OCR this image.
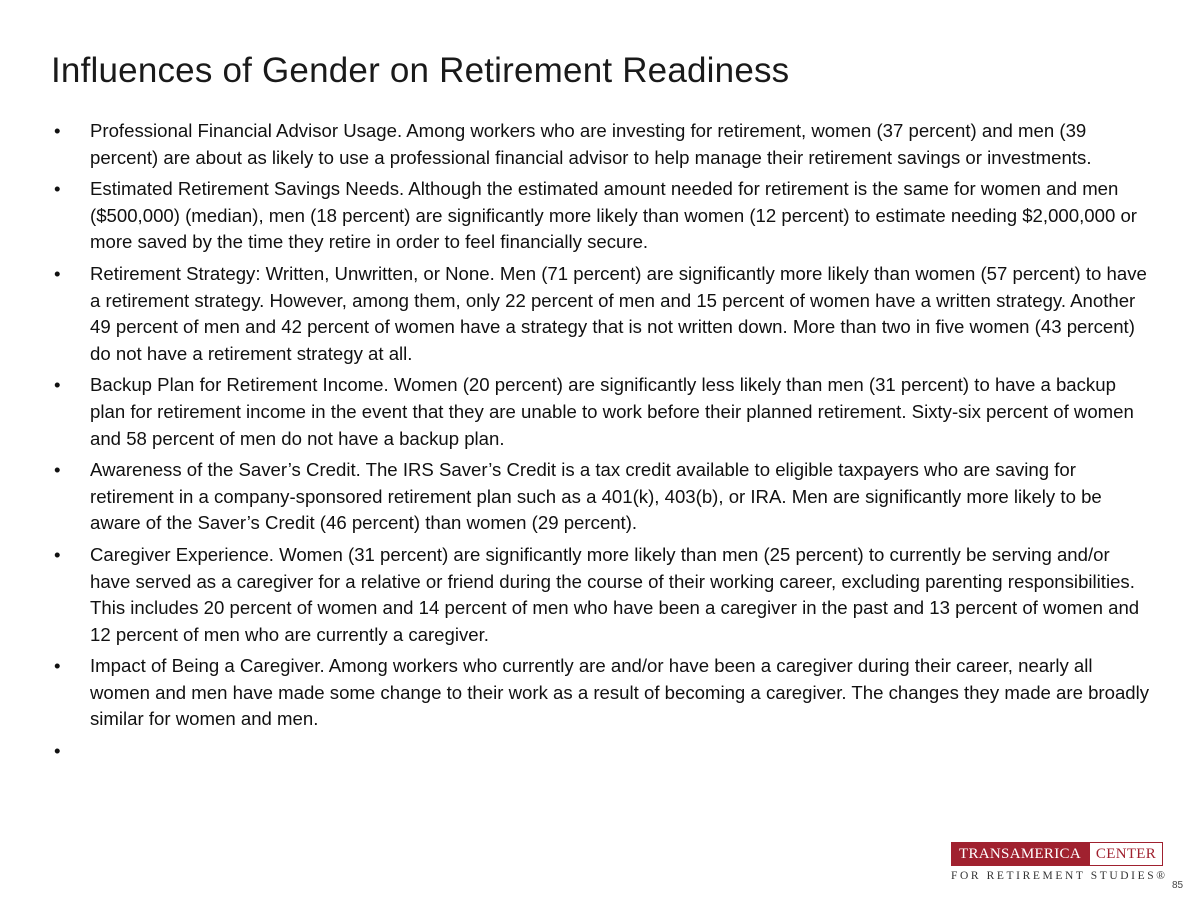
Influences of Gender on Retirement Readiness
• Professional Financial Advisor Usage. Among workers who are investing for retirement, women (37 percent) and men (39 percent) are about as likely to use a professional financial advisor to help manage their retirement savings or investments.
• Estimated Retirement Savings Needs. Although the estimated amount needed for retirement is the same for women and men ($500,000) (median), men (18 percent) are significantly more likely than women (12 percent) to estimate needing $2,000,000 or more saved by the time they retire in order to feel financially secure.
• Retirement Strategy: Written, Unwritten, or None. Men (71 percent) are significantly more likely than women (57 percent) to have a retirement strategy. However, among them, only 22 percent of men and 15 percent of women have a written strategy. Another 49 percent of men and 42 percent of women have a strategy that is not written down. More than two in five women (43 percent) do not have a retirement strategy at all.
• Backup Plan for Retirement Income. Women (20 percent) are significantly less likely than men (31 percent) to have a backup plan for retirement income in the event that they are unable to work before their planned retirement. Sixty-six percent of women and 58 percent of men do not have a backup plan.
• Awareness of the Saver’s Credit. The IRS Saver’s Credit is a tax credit available to eligible taxpayers who are saving for retirement in a company-sponsored retirement plan such as a 401(k), 403(b), or IRA. Men are significantly more likely to be aware of the Saver’s Credit (46 percent) than women (29 percent).
• Caregiver Experience. Women (31 percent) are significantly more likely than men (25 percent) to currently be serving and/or have served as a caregiver for a relative or friend during the course of their working career, excluding parenting responsibilities. This includes 20 percent of women and 14 percent of men who have been a caregiver in the past and 13 percent of women and 12 percent of men who are currently a caregiver.
• Impact of Being a Caregiver. Among workers who currently are and/or have been a caregiver during their career, nearly all women and men have made some change to their work as a result of becoming a caregiver. The changes they made are broadly similar for women and men.
•
TRANSAMERICA CENTER
FOR RETIREMENT STUDIES®
85
